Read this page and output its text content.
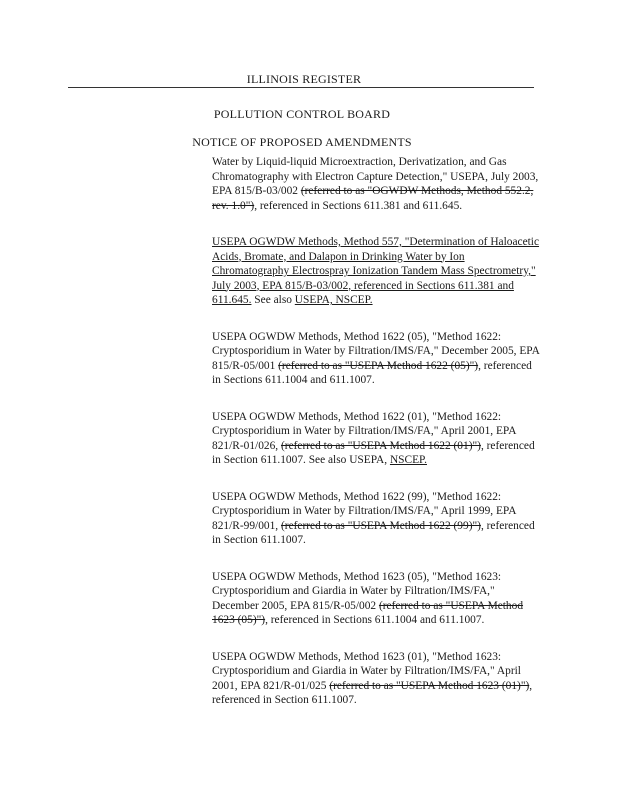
ILLINOIS REGISTER
POLLUTION CONTROL BOARD
NOTICE OF PROPOSED AMENDMENTS

Water by Liquid-liquid Microextraction, Derivatization, and Gas Chromatography with Electron Capture Detection," USEPA, July 2003, EPA 815/B-03/002 (referred to as "OGWDW Methods, Method 552.2, rev. 1.0"), referenced in Sections 611.381 and 611.645.

USEPA OGWDW Methods, Method 557, "Determination of Haloacetic Acids, Bromate, and Dalapon in Drinking Water by Ion Chromatography Electrospray Ionization Tandem Mass Spectrometry," July 2003, EPA 815/B-03/002, referenced in Sections 611.381 and 611.645. See also USEPA, NSCEP.

USEPA OGWDW Methods, Method 1622 (05), "Method 1622: Cryptosporidium in Water by Filtration/IMS/FA," December 2005, EPA 815/R-05/001 (referred to as "USEPA Method 1622 (05)"), referenced in Sections 611.1004 and 611.1007.

USEPA OGWDW Methods, Method 1622 (01), "Method 1622: Cryptosporidium in Water by Filtration/IMS/FA," April 2001, EPA 821/R-01/026, (referred to as "USEPA Method 1622 (01)"), referenced in Section 611.1007. See also USEPA, NSCEP.

USEPA OGWDW Methods, Method 1622 (99), "Method 1622: Cryptosporidium in Water by Filtration/IMS/FA," April 1999, EPA 821/R-99/001, (referred to as "USEPA Method 1622 (99)"), referenced in Section 611.1007.

USEPA OGWDW Methods, Method 1623 (05), "Method 1623: Cryptosporidium and Giardia in Water by Filtration/IMS/FA," December 2005, EPA 815/R-05/002 (referred to as "USEPA Method 1623 (05)"), referenced in Sections 611.1004 and 611.1007.

USEPA OGWDW Methods, Method 1623 (01), "Method 1623: Cryptosporidium and Giardia in Water by Filtration/IMS/FA," April 2001, EPA 821/R-01/025 (referred to as "USEPA Method 1623 (01)"), referenced in Section 611.1007.
